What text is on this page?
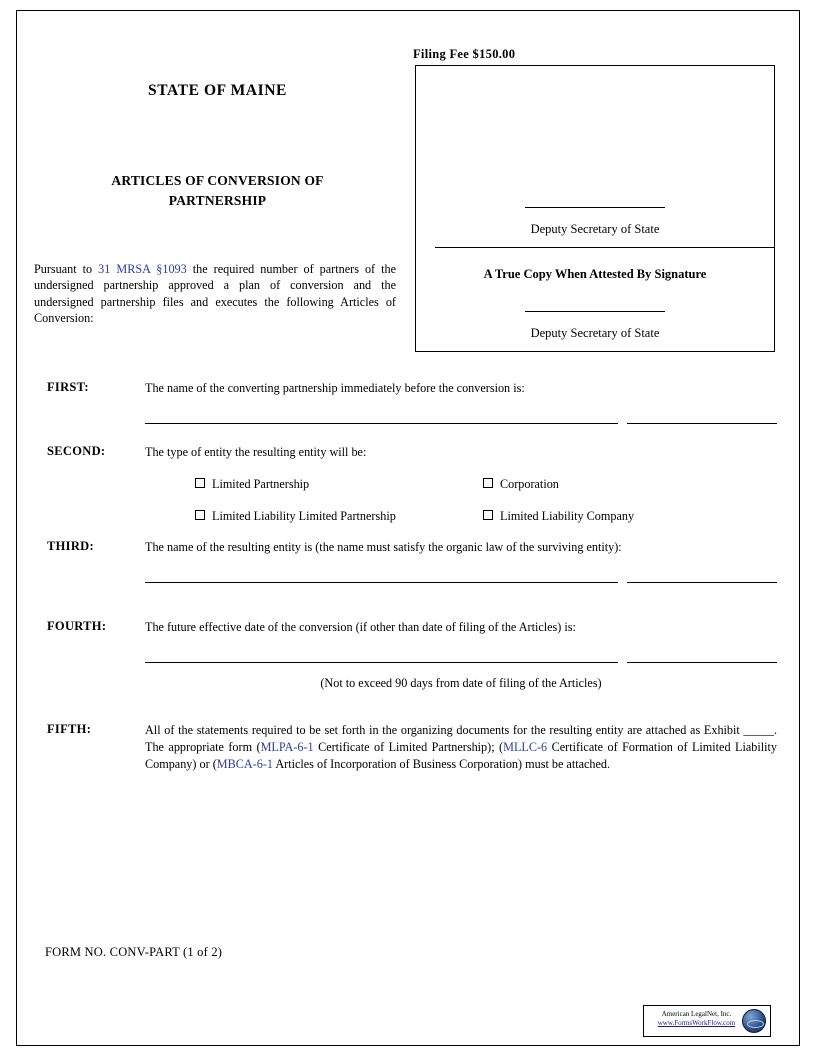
Filing Fee $150.00
Deputy Secretary of State
A True Copy When Attested By Signature
Deputy Secretary of State
STATE OF MAINE
ARTICLES OF CONVERSION OF
PARTNERSHIP
Pursuant to 31 MRSA §1093 the required number of partners of the undersigned partnership approved a plan of conversion and the undersigned partnership files and executes the following Articles of Conversion:
FIRST:	The name of the converting partnership immediately before the conversion is:
SECOND:	The type of entity the resulting entity will be:
Limited Partnership	Corporation
Limited Liability Limited Partnership	Limited Liability Company
THIRD:	The name of the resulting entity is (the name must satisfy the organic law of the surviving entity):
FOURTH:	The future effective date of the conversion (if other than date of filing of the Articles) is:
(Not to exceed 90 days from date of filing of the Articles)
FIFTH:	All of the statements required to be set forth in the organizing documents for the resulting entity are attached as Exhibit _____. The appropriate form (MLPA-6-1 Certificate of Limited Partnership); (MLLC-6 Certificate of Formation of Limited Liability Company) or (MBCA-6-1 Articles of Incorporation of Business Corporation) must be attached.
FORM NO. CONV-PART (1 of 2)
American LegalNet, Inc.
www.FormsWorkFlow.com
